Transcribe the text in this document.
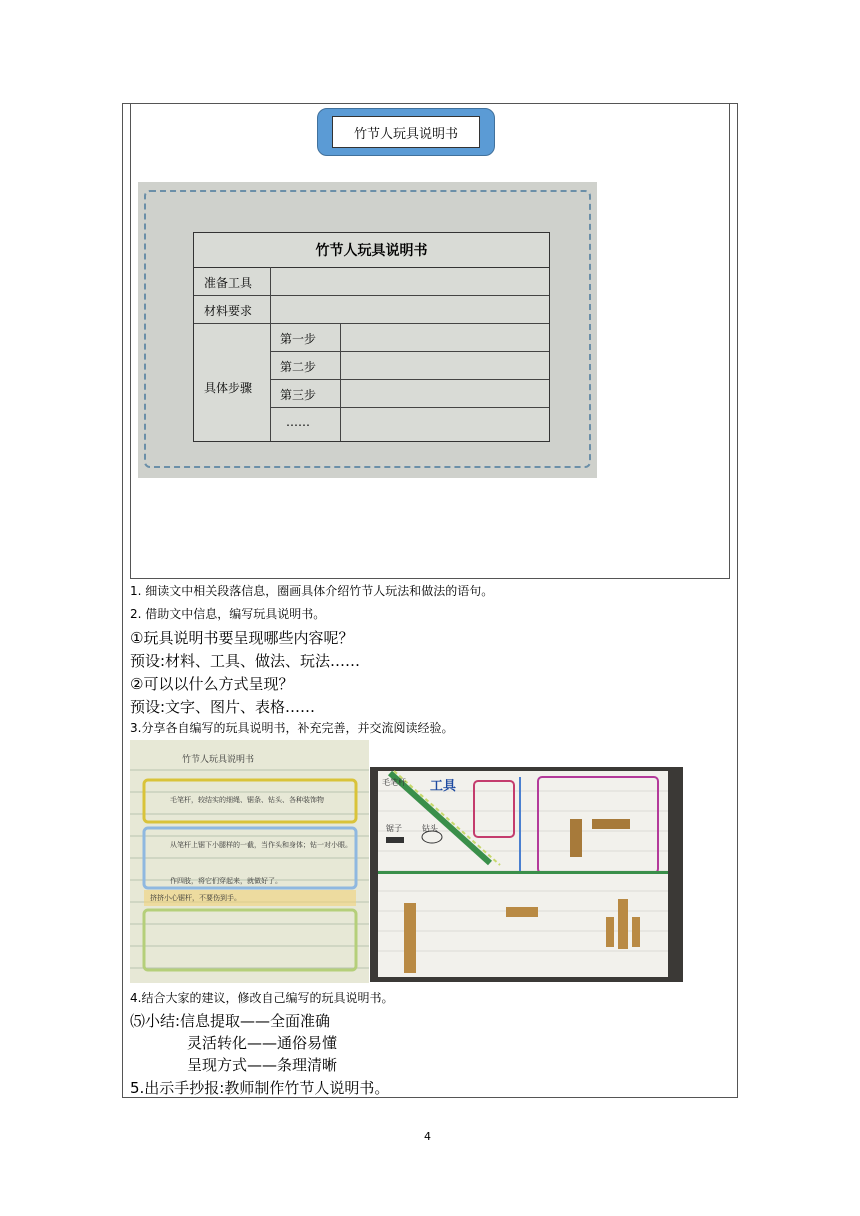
竹节人玩具说明书
竹节人玩具说明书
准备工具
材料要求
具体步骤
第一步
第二步
第三步
……
1. 细读文中相关段落信息，圈画具体介绍竹节人玩法和做法的语句。
2. 借助文中信息，编写玩具说明书。
①玩具说明书要呈现哪些内容呢？
预设:材料、工具、做法、玩法……
②可以以什么方式呈现？
预设:文字、图片、表格……
3.分享各自编写的玩具说明书，补充完善，并交流阅读经验。
竹节人玩具说明书
毛笔杆，较结实的细绳、锯条、钻头、各种装饰物
从笔杆上锯下小腿样的一截，当作头和身体；钻一对小眼。
作四肢，将它们穿起来，就做好了。
挤挤小心锯杆，不要伤到手。
工具
锯子	钻头
毛笔杆
4.结合大家的建议，修改自己编写的玩具说明书。
⑸小结:信息提取——全面准确
灵活转化——通俗易懂
呈现方式——条理清晰
5.出示手抄报:教师制作竹节人说明书。
4
